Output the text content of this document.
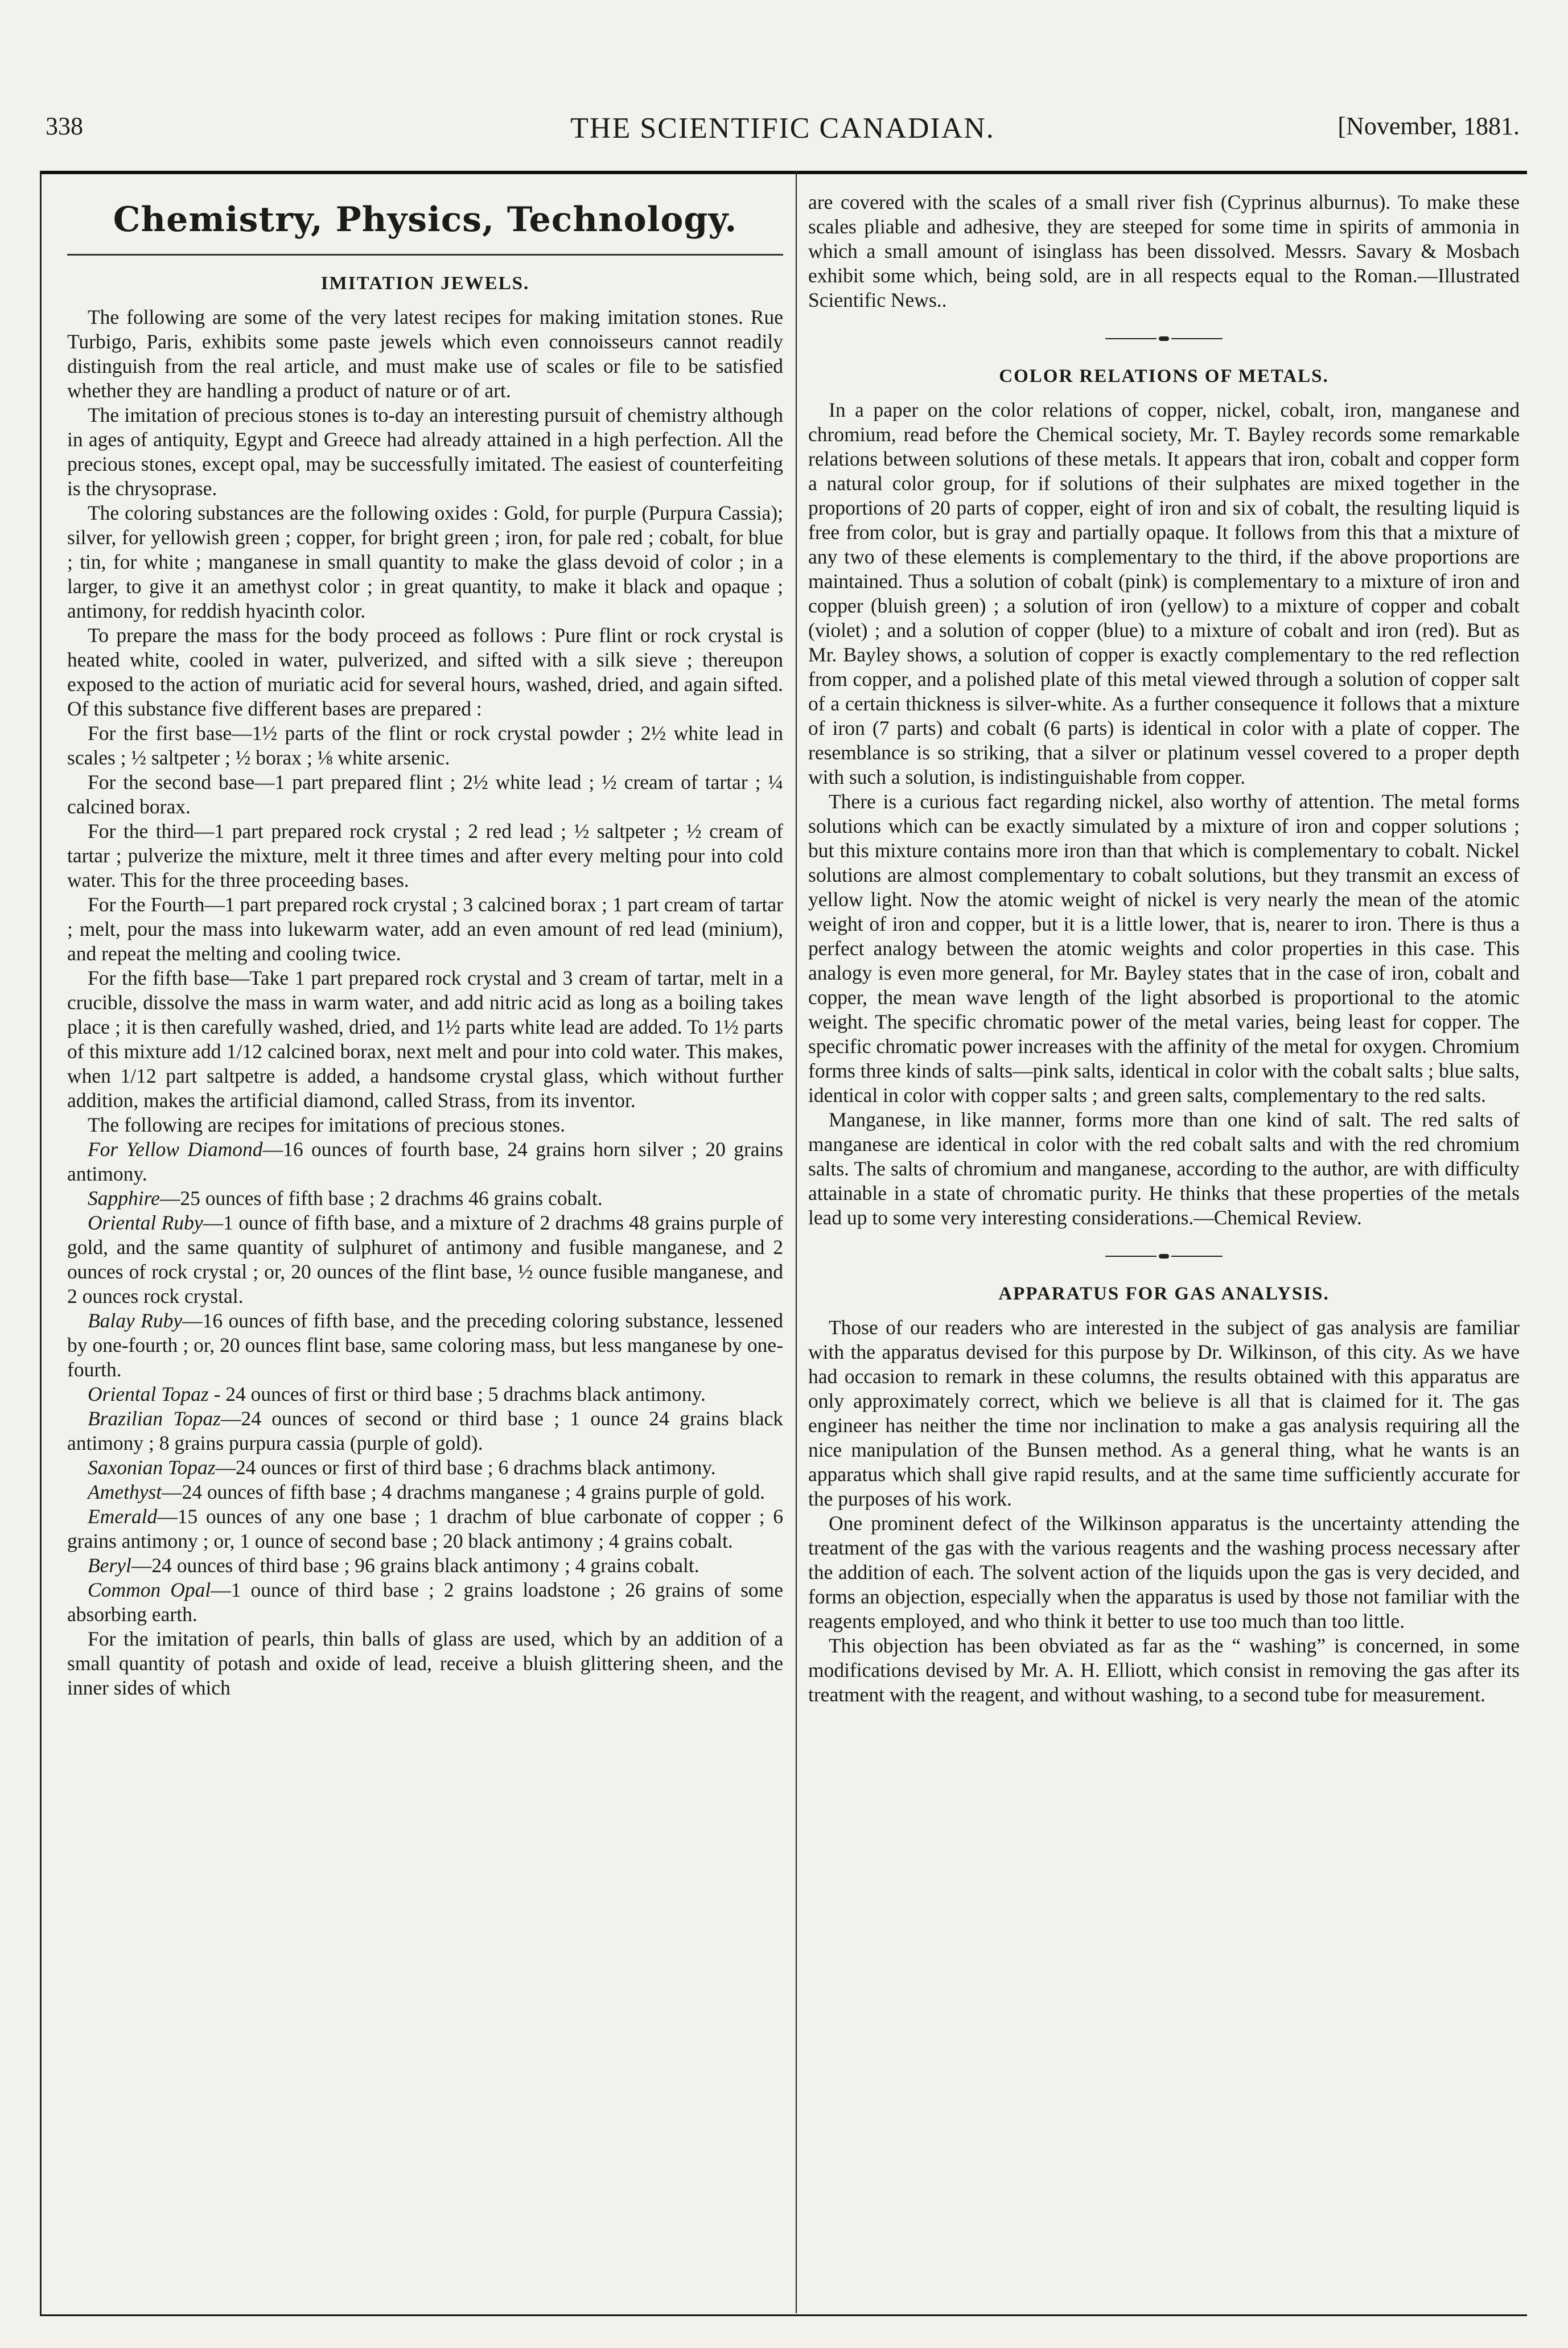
338	THE SCIENTIFIC CANADIAN.	[November, 1881.
Chemistry, Physics, Technology.
IMITATION JEWELS.

The following are some of the very latest recipes for making imitation stones. Rue Turbigo, Paris, exhibits some paste jewels which even connoisseurs cannot readily distinguish from the real article, and must make use of scales or file to be satisfied whether they are handling a product of nature or of art.

The imitation of precious stones is to-day an interesting pursuit of chemistry although in ages of antiquity, Egypt and Greece had already attained in a high perfection. All the precious stones, except opal, may be successfully imitated. The easiest of counterfeiting is the chrysoprase.

The coloring substances are the following oxides : Gold, for purple (Purpura Cassia); silver, for yellowish green ; copper, for bright green ; iron, for pale red ; cobalt, for blue ; tin, for white ; manganese in small quantity to make the glass devoid of color ; in a larger, to give it an amethyst color ; in great quantity, to make it black and opaque ; antimony, for reddish hyacinth color.

To prepare the mass for the body proceed as follows : Pure flint or rock crystal is heated white, cooled in water, pulverized, and sifted with a silk sieve ; thereupon exposed to the action of muriatic acid for several hours, washed, dried, and again sifted. Of this substance five different bases are prepared :

For the first base—1½ parts of the flint or rock crystal powder ; 2½ white lead in scales ; ½ saltpeter ; ½ borax ; ⅛ white arsenic.

For the second base—1 part prepared flint ; 2½ white lead ; ½ cream of tartar ; ¼ calcined borax.

For the third—1 part prepared rock crystal ; 2 red lead ; ½ saltpeter ; ½ cream of tartar ; pulverize the mixture, melt it three times and after every melting pour into cold water. This for the three proceeding bases.

For the Fourth—1 part prepared rock crystal ; 3 calcined borax ; 1 part cream of tartar ; melt, pour the mass into lukewarm water, add an even amount of red lead (minium), and repeat the melting and cooling twice.

For the fifth base—Take 1 part prepared rock crystal and 3 cream of tartar, melt in a crucible, dissolve the mass in warm water, and add nitric acid as long as a boiling takes place ; it is then carefully washed, dried, and 1½ parts white lead are added. To 1½ parts of this mixture add 1/12 calcined borax, next melt and pour into cold water. This makes, when 1/12 part saltpetre is added, a handsome crystal glass, which without further addition, makes the artificial diamond, called Strass, from its inventor.

The following are recipes for imitations of precious stones.

For Yellow Diamond—16 ounces of fourth base, 24 grains horn silver ; 20 grains antimony.

Sapphire—25 ounces of fifth base ; 2 drachms 46 grains cobalt.

Oriental Ruby—1 ounce of fifth base, and a mixture of 2 drachms 48 grains purple of gold, and the same quantity of sulphuret of antimony and fusible manganese, and 2 ounces of rock crystal ; or, 20 ounces of the flint base, ½ ounce fusible manganese, and 2 ounces rock crystal.

Balay Ruby—16 ounces of fifth base, and the preceding coloring substance, lessened by one-fourth ; or, 20 ounces flint base, same coloring mass, but less manganese by one-fourth.

Oriental Topaz - 24 ounces of first or third base ; 5 drachms black antimony.

Brazilian Topaz—24 ounces of second or third base ; 1 ounce 24 grains black antimony ; 8 grains purpura cassia (purple of gold).

Saxonian Topaz—24 ounces or first of third base ; 6 drachms black antimony.

Amethyst—24 ounces of fifth base ; 4 drachms manganese ; 4 grains purple of gold.

Emerald—15 ounces of any one base ; 1 drachm of blue carbonate of copper ; 6 grains antimony ; or, 1 ounce of second base ; 20 black antimony ; 4 grains cobalt.

Beryl—24 ounces of third base ; 96 grains black antimony ; 4 grains cobalt.

Common Opal—1 ounce of third base ; 2 grains loadstone ; 26 grains of some absorbing earth.

For the imitation of pearls, thin balls of glass are used, which by an addition of a small quantity of potash and oxide of lead, receive a bluish glittering sheen, and the inner sides of which

are covered with the scales of a small river fish (Cyprinus alburnus). To make these scales pliable and adhesive, they are steeped for some time in spirits of ammonia in which a small amount of isinglass has been dissolved. Messrs. Savary & Mosbach exhibit some which, being sold, are in all respects equal to the Roman.—Illustrated Scientific News..

COLOR RELATIONS OF METALS.

In a paper on the color relations of copper, nickel, cobalt, iron, manganese and chromium, read before the Chemical society, Mr. T. Bayley records some remarkable relations between solutions of these metals. It appears that iron, cobalt and copper form a natural color group, for if solutions of their sulphates are mixed together in the proportions of 20 parts of copper, eight of iron and six of cobalt, the resulting liquid is free from color, but is gray and partially opaque. It follows from this that a mixture of any two of these elements is complementary to the third, if the above proportions are maintained. Thus a solution of cobalt (pink) is complementary to a mixture of iron and copper (bluish green) ; a solution of iron (yellow) to a mixture of copper and cobalt (violet) ; and a solution of copper (blue) to a mixture of cobalt and iron (red). But as Mr. Bayley shows, a solution of copper is exactly complementary to the red reflection from copper, and a polished plate of this metal viewed through a solution of copper salt of a certain thickness is silver-white. As a further consequence it follows that a mixture of iron (7 parts) and cobalt (6 parts) is identical in color with a plate of copper. The resemblance is so striking, that a silver or platinum vessel covered to a proper depth with such a solution, is indistinguishable from copper.

There is a curious fact regarding nickel, also worthy of attention. The metal forms solutions which can be exactly simulated by a mixture of iron and copper solutions ; but this mixture contains more iron than that which is complementary to cobalt. Nickel solutions are almost complementary to cobalt solutions, but they transmit an excess of yellow light. Now the atomic weight of nickel is very nearly the mean of the atomic weight of iron and copper, but it is a little lower, that is, nearer to iron. There is thus a perfect analogy between the atomic weights and color properties in this case. This analogy is even more general, for Mr. Bayley states that in the case of iron, cobalt and copper, the mean wave length of the light absorbed is proportional to the atomic weight. The specific chromatic power of the metal varies, being least for copper. The specific chromatic power increases with the affinity of the metal for oxygen. Chromium forms three kinds of salts—pink salts, identical in color with the cobalt salts ; blue salts, identical in color with copper salts ; and green salts, complementary to the red salts.

Manganese, in like manner, forms more than one kind of salt. The red salts of manganese are identical in color with the red cobalt salts and with the red chromium salts. The salts of chromium and manganese, according to the author, are with difficulty attainable in a state of chromatic purity. He thinks that these properties of the metals lead up to some very interesting considerations.—Chemical Review.

APPARATUS FOR GAS ANALYSIS.

Those of our readers who are interested in the subject of gas analysis are familiar with the apparatus devised for this purpose by Dr. Wilkinson, of this city. As we have had occasion to remark in these columns, the results obtained with this apparatus are only approximately correct, which we believe is all that is claimed for it. The gas engineer has neither the time nor inclination to make a gas analysis requiring all the nice manipulation of the Bunsen method. As a general thing, what he wants is an apparatus which shall give rapid results, and at the same time sufficiently accurate for the purposes of his work.

One prominent defect of the Wilkinson apparatus is the uncertainty attending the treatment of the gas with the various reagents and the washing process necessary after the addition of each. The solvent action of the liquids upon the gas is very decided, and forms an objection, especially when the apparatus is used by those not familiar with the reagents employed, and who think it better to use too much than too little.

This objection has been obviated as far as the “ washing” is concerned, in some modifications devised by Mr. A. H. Elliott, which consist in removing the gas after its treatment with the reagent, and without washing, to a second tube for measurement.
